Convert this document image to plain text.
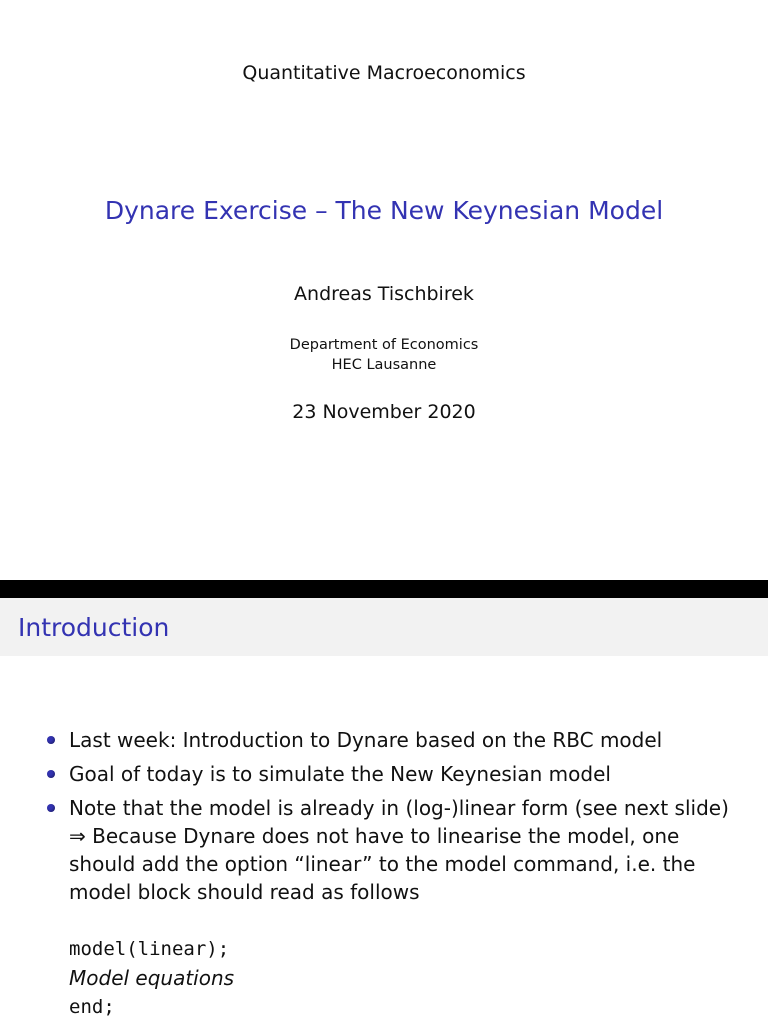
Quantitative Macroeconomics
Dynare Exercise – The New Keynesian Model
Andreas Tischbirek
Department of Economics
HEC Lausanne
23 November 2020
Introduction
Last week: Introduction to Dynare based on the RBC model
Goal of today is to simulate the New Keynesian model
Note that the model is already in (log-)linear form (see next slide)
⇒ Because Dynare does not have to linearise the model, one should add the option “linear” to the model command, i.e. the model block should read as follows
model(linear);
Model equations
end;
